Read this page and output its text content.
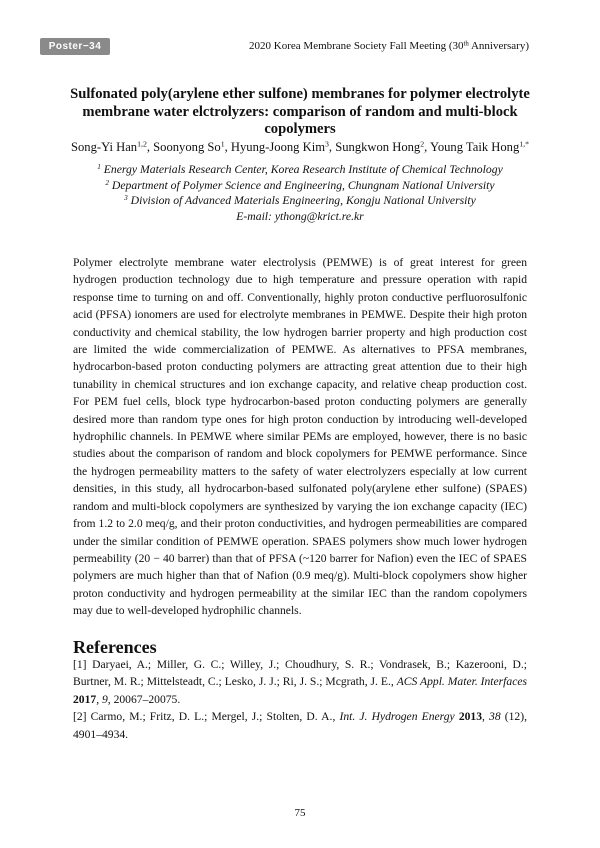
Poster−34	2020 Korea Membrane Society Fall Meeting (30th Anniversary)
Sulfonated poly(arylene ether sulfone) membranes for polymer electrolyte membrane water elctrolyzers: comparison of random and multi-block copolymers
Song-Yi Han$^{1,2}$, Soonyong So$^1$, Hyung-Joong Kim$^3$, Sungkwon Hong$^2$, Young Taik Hong$^{1,*}$
$^1$ Energy Materials Research Center, Korea Research Institute of Chemical Technology
$^2$ Department of Polymer Science and Engineering, Chungnam National University
$^3$ Division of Advanced Materials Engineering, Kongju National University
E-mail: ythong@krict.re.kr
Polymer electrolyte membrane water electrolysis (PEMWE) is of great interest for green hydrogen production technology due to high temperature and pressure operation with rapid response time to turning on and off. Conventionally, highly proton conductive perfluorosulfonic acid (PFSA) ionomers are used for electrolyte membranes in PEMWE. Despite their high proton conductivity and chemical stability, the low hydrogen barrier property and high production cost are limited the wide commercialization of PEMWE. As alternatives to PFSA membranes, hydrocarbon-based proton conducting polymers are attracting great attention due to their high tunability in chemical structures and ion exchange capacity, and relative cheap production cost. For PEM fuel cells, block type hydrocarbon-based proton conducting polymers are generally desired more than random type ones for high proton conduction by introducing well-developed hydrophilic channels. In PEMWE where similar PEMs are employed, however, there is no basic studies about the comparison of random and block copolymers for PEMWE performance. Since the hydrogen permeability matters to the safety of water electrolyzers especially at low current densities, in this study, all hydrocarbon-based sulfonated poly(arylene ether sulfone) (SPAES) random and multi-block copolymers are synthesized by varying the ion exchange capacity (IEC) from 1.2 to 2.0 meq/g, and their proton conductivities, and hydrogen permeabilities are compared under the similar condition of PEMWE operation. SPAES polymers show much lower hydrogen permeability (20 − 40 barrer) than that of PFSA (~120 barrer for Nafion) even the IEC of SPAES polymers are much higher than that of Nafion (0.9 meq/g). Multi-block copolymers show higher proton conductivity and hydrogen permeability at the similar IEC than the random copolymers may due to well-developed hydrophilic channels.
References

[1] Daryaei, A.; Miller, G. C.; Willey, J.; Choudhury, S. R.; Vondrasek, B.; Kazerooni, D.; Burtner, M. R.; Mittelsteadt, C.; Lesko, J. J.; Ri, J. S.; Mcgrath, J. E., ACS Appl. Mater. Interfaces 2017, 9, 20067–20075.

[2] Carmo, M.; Fritz, D. L.; Mergel, J.; Stolten, D. A., Int. J. Hydrogen Energy 2013, 38 (12), 4901–4934.

75
